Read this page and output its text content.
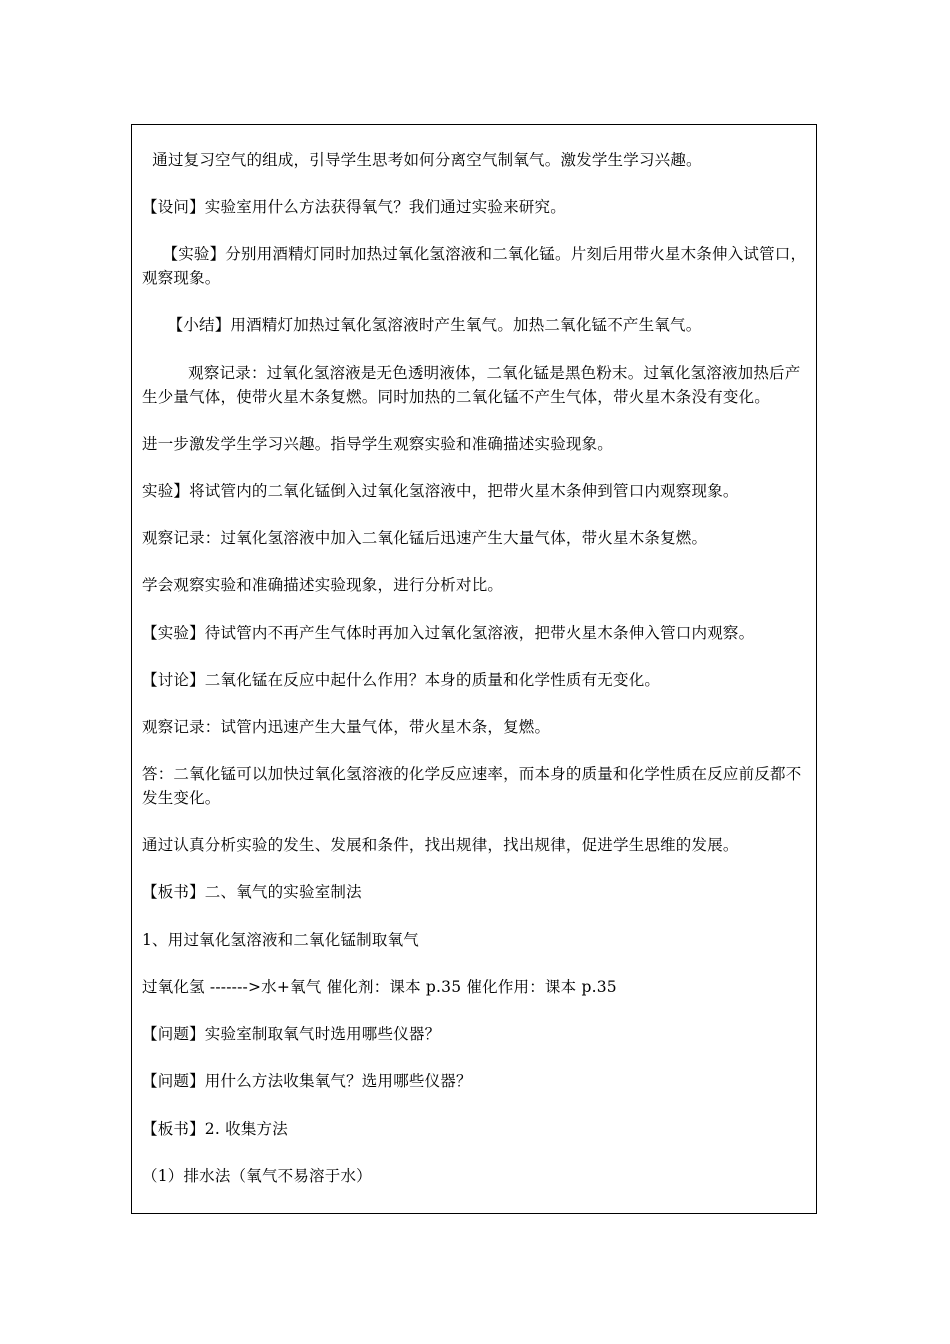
通过复习空气的组成，引导学生思考如何分离空气制氧气。激发学生学习兴趣。

【设问】实验室用什么方法获得氧气？我们通过实验来研究。

【实验】分别用酒精灯同时加热过氧化氢溶液和二氧化锰。片刻后用带火星木条伸入试管口，观察现象。

【小结】用酒精灯加热过氧化氢溶液时产生氧气。加热二氧化锰不产生氧气。

观察记录：过氧化氢溶液是无色透明液体，二氧化锰是黑色粉末。过氧化氢溶液加热后产生少量气体，使带火星木条复燃。同时加热的二氧化锰不产生气体，带火星木条没有变化。

进一步激发学生学习兴趣。指导学生观察实验和准确描述实验现象。

实验】将试管内的二氧化锰倒入过氧化氢溶液中，把带火星木条伸到管口内观察现象。

观察记录：过氧化氢溶液中加入二氧化锰后迅速产生大量气体，带火星木条复燃。

学会观察实验和准确描述实验现象，进行分析对比。

【实验】待试管内不再产生气体时再加入过氧化氢溶液，把带火星木条伸入管口内观察。

【讨论】二氧化锰在反应中起什么作用？本身的质量和化学性质有无变化。

观察记录：试管内迅速产生大量气体，带火星木条，复燃。

答：二氧化锰可以加快过氧化氢溶液的化学反应速率，而本身的质量和化学性质在反应前反都不发生变化。

通过认真分析实验的发生、发展和条件，找出规律，找出规律，促进学生思维的发展。

【板书】二、氧气的实验室制法

1、用过氧化氢溶液和二氧化锰制取氧气

过氧化氢 ------->水+氧气 催化剂：课本 p.35 催化作用：课本 p.35

【问题】实验室制取氧气时选用哪些仪器？

【问题】用什么方法收集氧气？选用哪些仪器？

【板书】2. 收集方法

（1）排水法（氧气不易溶于水）
